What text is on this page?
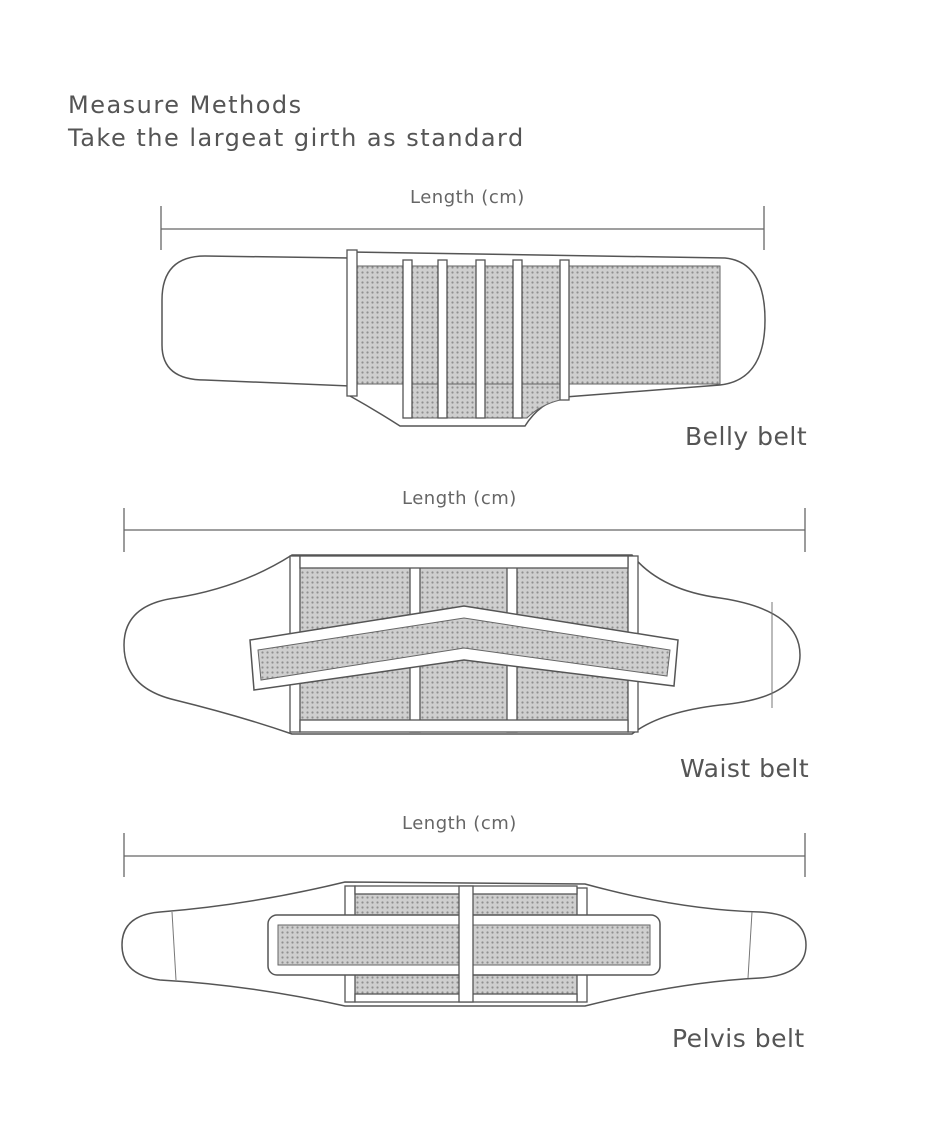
Measure Methods
Take the largeat girth as standard
Length (cm)
Belly belt
Length (cm)
Waist belt
Length (cm)
Pelvis belt
